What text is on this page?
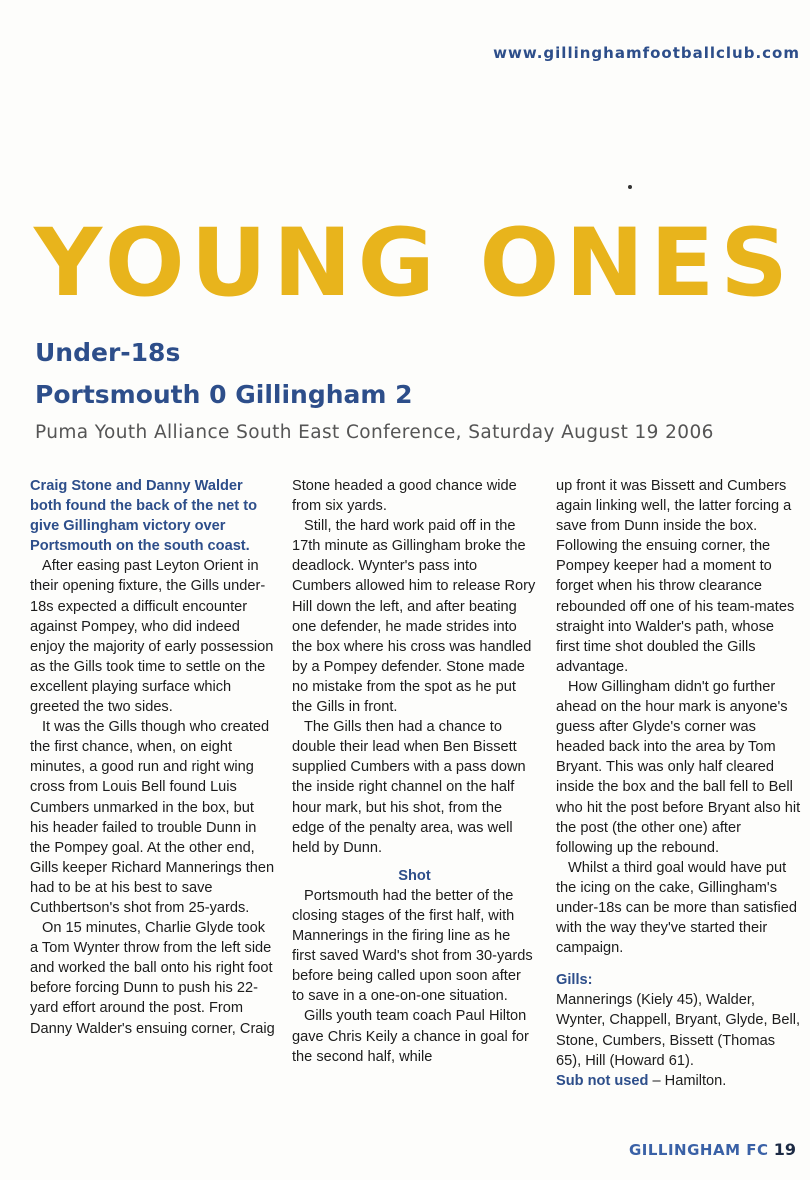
www.gillinghamfootballclub.com
YOUNG ONES
Under-18s
Portsmouth 0 Gillingham 2
Puma Youth Alliance South East Conference, Saturday August 19 2006

Craig Stone and Danny Walder both found the back of the net to give Gillingham victory over Portsmouth on the south coast.

After easing past Leyton Orient in their opening fixture, the Gills under-18s expected a difficult encounter against Pompey, who did indeed enjoy the majority of early possession as the Gills took time to settle on the excellent playing surface which greeted the two sides.

It was the Gills though who created the first chance, when, on eight minutes, a good run and right wing cross from Louis Bell found Luis Cumbers unmarked in the box, but his header failed to trouble Dunn in the Pompey goal. At the other end, Gills keeper Richard Mannerings then had to be at his best to save Cuthbertson's shot from 25-yards.

On 15 minutes, Charlie Glyde took a Tom Wynter throw from the left side and worked the ball onto his right foot before forcing Dunn to push his 22-yard effort around the post. From Danny Walder's ensuing corner, Craig

Stone headed a good chance wide from six yards.

Still, the hard work paid off in the 17th minute as Gillingham broke the deadlock. Wynter's pass into Cumbers allowed him to release Rory Hill down the left, and after beating one defender, he made strides into the box where his cross was handled by a Pompey defender. Stone made no mistake from the spot as he put the Gills in front.

The Gills then had a chance to double their lead when Ben Bissett supplied Cumbers with a pass down the inside right channel on the half hour mark, but his shot, from the edge of the penalty area, was well held by Dunn.

Shot

Portsmouth had the better of the closing stages of the first half, with Mannerings in the firing line as he first saved Ward's shot from 30-yards before being called upon soon after to save in a one-on-one situation.

Gills youth team coach Paul Hilton gave Chris Keily a chance in goal for the second half, while

up front it was Bissett and Cumbers again linking well, the latter forcing a save from Dunn inside the box. Following the ensuing corner, the Pompey keeper had a moment to forget when his throw clearance rebounded off one of his team-mates straight into Walder's path, whose first time shot doubled the Gills advantage.

How Gillingham didn't go further ahead on the hour mark is anyone's guess after Glyde's corner was headed back into the area by Tom Bryant. This was only half cleared inside the box and the ball fell to Bell who hit the post before Bryant also hit the post (the other one) after following up the rebound.

Whilst a third goal would have put the icing on the cake, Gillingham's under-18s can be more than satisfied with the way they've started their campaign.

Gills:

Mannerings (Kiely 45), Walder, Wynter, Chappell, Bryant, Glyde, Bell, Stone, Cumbers, Bissett (Thomas 65), Hill (Howard 61).

Sub not used – Hamilton.

GILLINGHAM FC 19
